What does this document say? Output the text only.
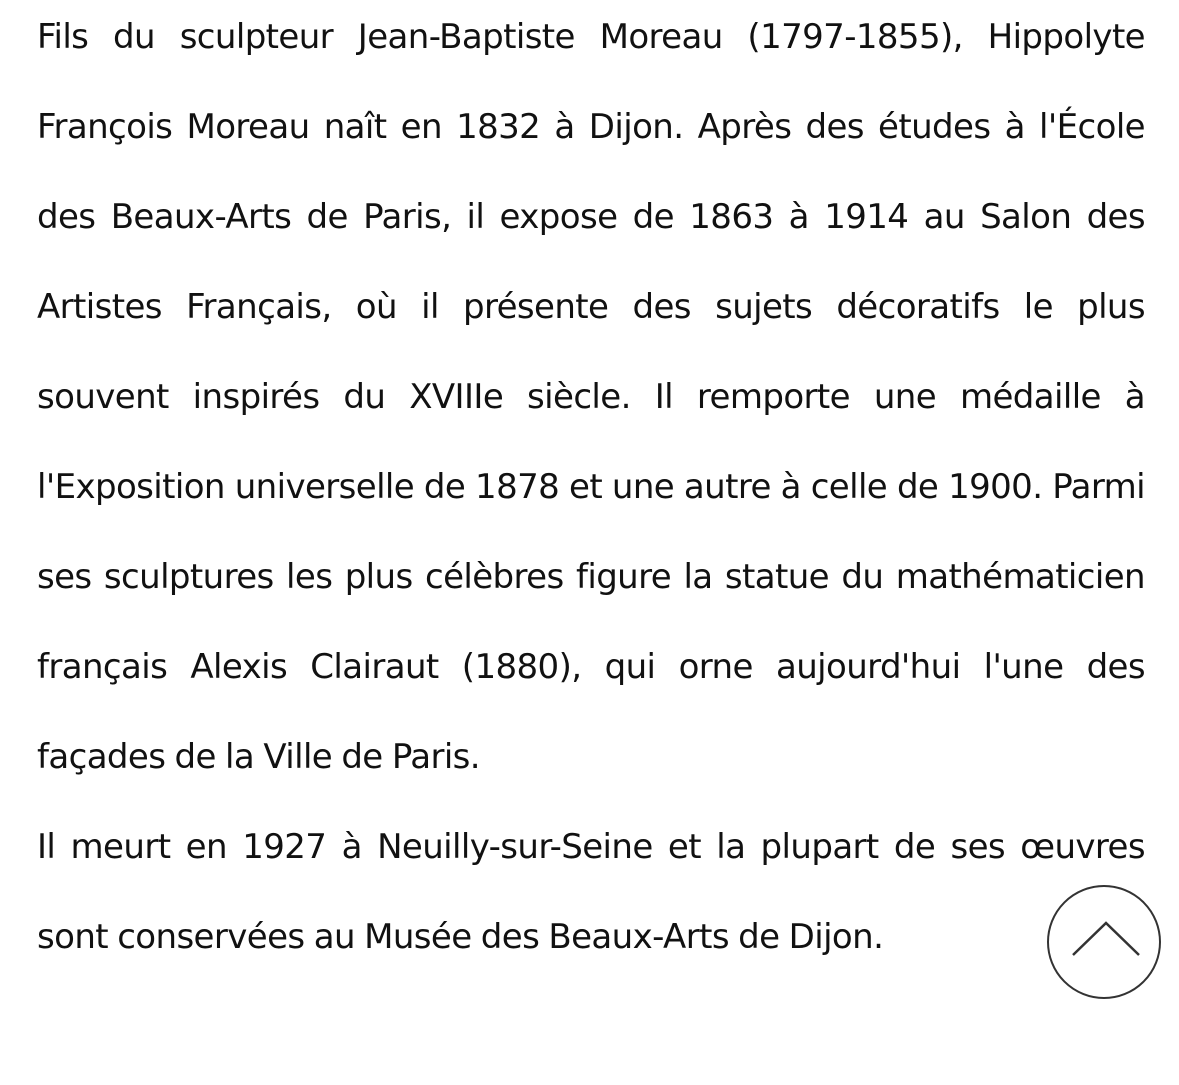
Fils du sculpteur Jean-Baptiste Moreau (1797-1855), Hippolyte François Moreau naît en 1832 à Dijon. Après des études à l'École des Beaux-Arts de Paris, il expose de 1863 à 1914 au Salon des Artistes Français, où il présente des sujets décoratifs le plus souvent inspirés du XVIIIe siècle. Il remporte une médaille à l'Exposition universelle de 1878 et une autre à celle de 1900. Parmi ses sculptures les plus célèbres figure la statue du mathématicien français Alexis Clairaut (1880), qui orne aujourd'hui l'une des façades de la Ville de Paris.

Il meurt en 1927 à Neuilly-sur-Seine et la plupart de ses œuvres sont conservées au Musée des Beaux-Arts de Dijon.
